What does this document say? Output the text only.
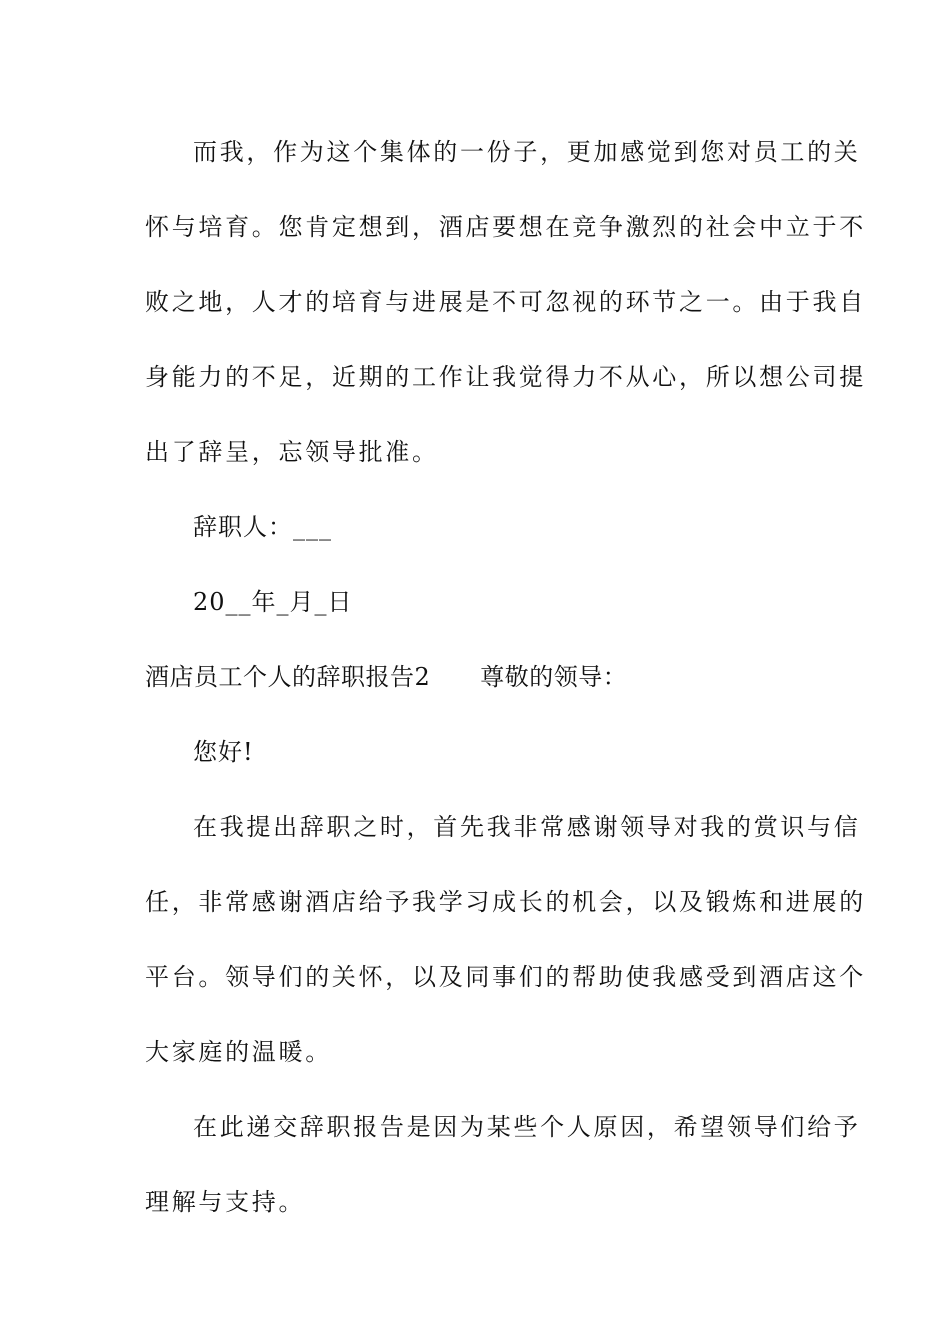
而我，作为这个集体的一份子，更加感觉到您对员工的关
怀与培育。您肯定想到，酒店要想在竞争激烈的社会中立于不
败之地，人才的培育与进展是不可忽视的环节之一。由于我自
身能力的不足，近期的工作让我觉得力不从心，所以想公司提
出了辞呈，忘领导批准。
辞职人：___
20__年_月_日
酒店员工个人的辞职报告2 尊敬的领导：
您好!
在我提出辞职之时，首先我非常感谢领导对我的赏识与信
任，非常感谢酒店给予我学习成长的机会，以及锻炼和进展的
平台。领导们的关怀，以及同事们的帮助使我感受到酒店这个
大家庭的温暖。
在此递交辞职报告是因为某些个人原因，希望领导们给予
理解与支持。
